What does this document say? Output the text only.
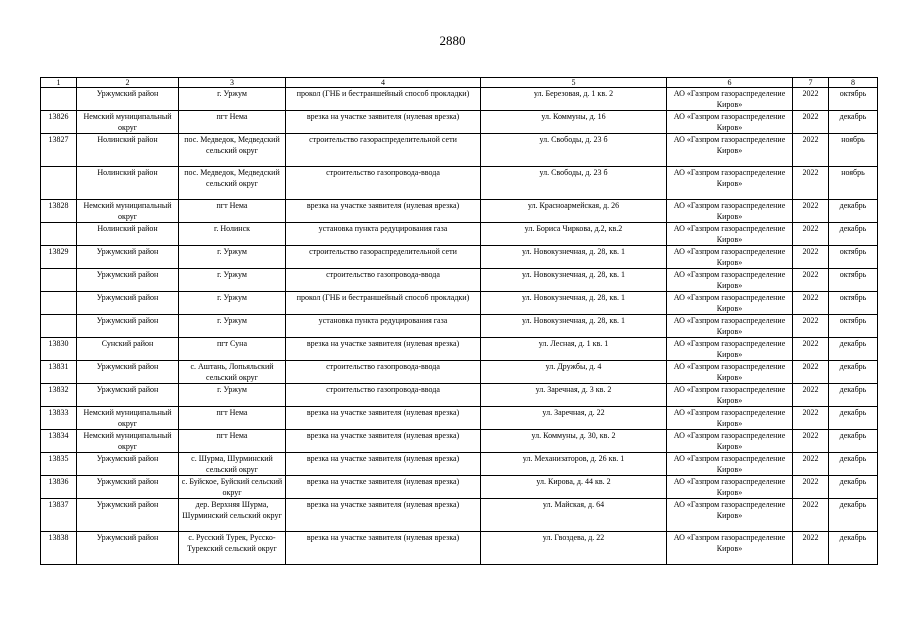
2880
1	2	3	4	5	6	7	8
	Уржумский район	г. Уржум	прокол (ГНБ и бестраншейный способ прокладки)	ул. Березовая, д. 1 кв. 2	АО «Газпром газораспределение Киров»	2022	октябрь
13826	Немский муниципальный округ	пгт Нема	врезка на участке заявителя (нулевая врезка)	ул. Коммуны, д. 16	АО «Газпром газораспределение Киров»	2022	декабрь
13827	Нолинский район	пос. Медведок, Медведский сельский округ	строительство газораспределительной сети	ул. Свободы, д. 23 б	АО «Газпром газораспределение Киров»	2022	ноябрь
	Нолинский район	пос. Медведок, Медведский сельский округ	строительство газопровода-ввода	ул. Свободы, д. 23 б	АО «Газпром газораспределение Киров»	2022	ноябрь
13828	Немский муниципальный округ	пгт Нема	врезка на участке заявителя (нулевая врезка)	ул. Красноармейская, д. 26	АО «Газпром газораспределение Киров»	2022	декабрь
	Нолинский район	г. Нолинск	установка пункта редуцирования газа	ул. Бориса Чиркова, д.2, кв.2	АО «Газпром газораспределение Киров»	2022	декабрь
13829	Уржумский район	г. Уржум	строительство газораспределительной сети	ул. Новокузнечная, д. 28, кв. 1	АО «Газпром газораспределение Киров»	2022	октябрь
	Уржумский район	г. Уржум	строительство газопровода-ввода	ул. Новокузнечная, д. 28, кв. 1	АО «Газпром газораспределение Киров»	2022	октябрь
	Уржумский район	г. Уржум	прокол (ГНБ и бестраншейный способ прокладки)	ул. Новокузнечная, д. 28, кв. 1	АО «Газпром газораспределение Киров»	2022	октябрь
	Уржумский район	г. Уржум	установка пункта редуцирования газа	ул. Новокузнечная, д. 28, кв. 1	АО «Газпром газораспределение Киров»	2022	октябрь
13830	Сунский район	пгт Суна	врезка на участке заявителя (нулевая врезка)	ул. Лесная, д. 1 кв. 1	АО «Газпром газораспределение Киров»	2022	декабрь
13831	Уржумский район	с. Аштань, Лопьяльский сельский округ	строительство газопровода-ввода	ул. Дружбы, д. 4	АО «Газпром газораспределение Киров»	2022	декабрь
13832	Уржумский район	г. Уржум	строительство газопровода-ввода	ул. Заречная, д. 3 кв. 2	АО «Газпром газораспределение Киров»	2022	декабрь
13833	Немский муниципальный округ	пгт Нема	врезка на участке заявителя (нулевая врезка)	ул. Заречная, д. 22	АО «Газпром газораспределение Киров»	2022	декабрь
13834	Немский муниципальный округ	пгт Нема	врезка на участке заявителя (нулевая врезка)	ул. Коммуны, д. 30, кв. 2	АО «Газпром газораспределение Киров»	2022	декабрь
13835	Уржумский район	с. Шурма, Шурминский сельский округ	врезка на участке заявителя (нулевая врезка)	ул. Механизаторов, д. 26 кв. 1	АО «Газпром газораспределение Киров»	2022	декабрь
13836	Уржумский район	с. Буйское, Буйский сельский округ	врезка на участке заявителя (нулевая врезка)	ул. Кирова, д. 44 кв. 2	АО «Газпром газораспределение Киров»	2022	декабрь
13837	Уржумский район	дер. Верхняя Шурма, Шурминский сельский округ	врезка на участке заявителя (нулевая врезка)	ул. Майская, д. 64	АО «Газпром газораспределение Киров»	2022	декабрь
13838	Уржумский район	с. Русский Турек, Русско-Турекский сельский округ	врезка на участке заявителя (нулевая врезка)	ул. Гвоздева, д. 22	АО «Газпром газораспределение Киров»	2022	декабрь
